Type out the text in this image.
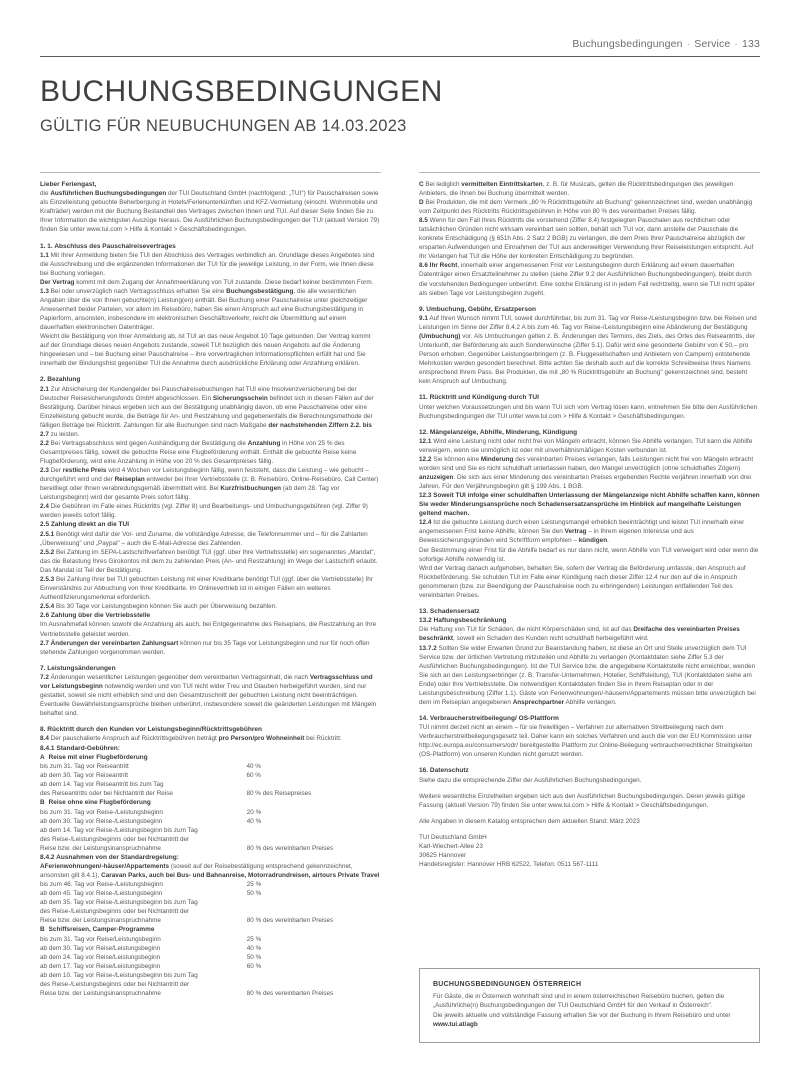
Buchungsbedingungen · Service · 133
BUCHUNGSBEDINGUNGEN
GÜLTIG FÜR NEUBUCHUNGEN AB 14.03.2023

Lieber Feriengast,

die Ausführlichen Buchungsbedingungen der TUI Deutschland GmbH (nachfolgend: „TUI") für Pauschalreisen sowie als Einzelleistung gebuchte Beherbergung in Hotels/Ferienunterkünften und KFZ-Vermietung (einschl. Wohnmobile und Krafträder) werden mit der Buchung Bestandteil des Vertrages zwischen Ihnen und TUI. Auf dieser Seite finden Sie zu Ihrer Information die wichtigsten Auszüge hieraus. Die Ausführlichen Buchungsbedingungen der TUI (aktuell Version 79) finden Sie unter www.tui.com > Hilfe & Kontakt > Geschäftsbedingungen.

1. 1. Abschluss des Pauschalreisevertrages

1.1 Mit Ihrer Anmeldung bieten Sie TUI den Abschluss des Vertrages verbindlich an. Grundlage dieses Angebotes sind die Ausschreibung und die ergänzenden Informationen der TUI für die jeweilige Leistung, in der Form, wie Ihnen diese bei Buchung vorliegen.

Der Vertrag kommt mit dem Zugang der Annahmeerklärung von TUI zustande. Diese bedarf keiner bestimmten Form.

1.3 Bei oder unverzüglich nach Vertragsschluss erhalten Sie eine Buchungsbestätigung, die alle wesentlichen Angaben über die von Ihnen gebuchte(n) Leistung(en) enthält. Bei Buchung einer Pauschalreise unter gleichzeitiger Anwesenheit beider Parteien, vor allem im Reisebüro, haben Sie einen Anspruch auf eine Buchungsbestätigung in Papierform, ansonsten, insbesondere im elektronischen Geschäftsverkehr, reicht die Übermittlung auf einem dauerhaften elektronischen Datenträger.

Weicht die Bestätigung von Ihrer Anmeldung ab, ist TUI an das neue Angebot 10 Tage gebunden. Der Vertrag kommt auf der Grundlage dieses neuen Angebots zustande, soweit TUI bezüglich des neuen Angebots auf die Änderung hingewiesen und – bei Buchung einer Pauschalreise – ihre vorvertraglichen Informationspflichten erfüllt hat und Sie innerhalb der Bindungsfrist gegenüber TUI die Annahme durch ausdrückliche Erklärung oder Anzahlung erklären.

2. Bezahlung

2.1 Zur Absicherung der Kundengelder bei Pauschalreisebuchungen hat TUI eine Insolvenzversicherung bei der Deutscher Reisesicherungsfonds GmbH abgeschlossen. Ein Sicherungsschein befindet sich in diesen Fällen auf der Bestätigung. Darüber hinaus ergeben sich aus der Bestätigung unabhängig davon, ob eine Pauschalreise oder eine Einzelleistung gebucht wurde, die Beträge für An- und Restzahlung und gegebenenfalls die Berechnungsmethode der fälligen Beträge bei Rücktritt. Zahlungen für alle Buchungen sind nach Maßgabe der nachstehenden Ziffern 2.2. bis 2.7 zu leisten.

2.2 Bei Vertragsabschluss wird gegen Aushändigung der Bestätigung die Anzahlung in Höhe von 25 % des Gesamtpreises fällig, soweit die gebuchte Reise eine Flugbeförderung enthält. Enthält die gebuchte Reise keine Flugbeförderung, wird eine Anzahlung in Höhe von 20 % des Gesamtpreises fällig.

2.3 Der restliche Preis wird 4 Wochen vor Leistungsbeginn fällig, wenn feststeht, dass die Leistung – wie gebucht – durchgeführt wird und der Reiseplan entweder bei Ihrer Vertriebsstelle (z. B. Reisebüro, Online-Reisebüro, Call Center) bereitliegt oder Ihnen verabredungsgemäß übermittelt wird. Bei Kurzfristbuchungen (ab dem 28. Tag vor Leistungsbeginn) wird der gesamte Preis sofort fällig.

2.4 Die Gebühren im Falle eines Rücktritts (vgl. Ziffer 8) und Bearbeitungs- und Umbuchungsgebühren (vgl. Ziffer 9) werden jeweils sofort fällig.

2.5 Zahlung direkt an die TUI

2.5.1 Benötigt wird dafür der Vor- und Zuname, die vollständige Adresse, die Telefonnummer und – für die Zahlarten „Überweisung" und „Paypal" – auch die E-Mail-Adresse des Zahlenden.

2.5.2 Bei Zahlung im SEPA-Lastschriftverfahren benötigt TUI (ggf. über Ihre Vertriebsstelle) ein sogenanntes „Mandat", das die Belastung Ihres Girokontos mit dem zu zahlenden Preis (An- und Restzahlung) im Wege der Lastschrift erlaubt. Das Mandat ist Teil der Bestätigung.

2.5.3 Bei Zahlung Ihrer bei TUI gebuchten Leistung mit einer Kreditkarte benötigt TUI (ggf. über die Vertriebsstelle) Ihr Einverständnis zur Abbuchung von Ihrer Kreditkarte. Im Onlinevertrieb ist in einigen Fällen ein weiteres Authentifizierungsmerkmal erforderlich.

2.5.4 Bis 30 Tage vor Leistungsbeginn können Sie auch per Überweisung bezahlen.

2.6 Zahlung über die Vertriebsstelle

Im Ausnahmefall können sowohl die Anzahlung als auch, bei Entgegennahme des Reiseplans, die Restzahlung an Ihre Vertriebsstelle geleistet werden.

2.7 Änderungen der vereinbarten Zahlungsart können nur bis 35 Tage vor Leistungsbeginn und nur für noch offen stehende Zahlungen vorgenommen werden.

7. Leistungsänderungen

7.2 Änderungen wesentlicher Leistungen gegenüber dem vereinbarten Vertragsinhalt, die nach Vertragsschluss und vor Leistungsbeginn notwendig werden und von TUI nicht wider Treu und Glauben herbeigeführt wurden, sind nur gestattet, soweit sie nicht erheblich sind und den Gesamtzuschnitt der gebuchten Leistung nicht beeinträchtigen. Eventuelle Gewährleistungsansprüche bleiben unberührt, insbesondere soweit die geänderten Leistungen mit Mängeln behaftet sind.

8. Rücktritt durch den Kunden vor Leistungsbeginn/Rücktrittsgebühren

8.4 Der pauschalierte Anspruch auf Rücktrittsgebühren beträgt pro Person/pro Wohneinheit bei Rücktritt:

8.4.1 Standard-Gebühren:

A Reise mit einer Flugbeförderung

bis zum 31. Tag vor Reiseantritt	40 %
ab dem 30. Tag vor Reiseantritt	60 %
ab dem 14. Tag vor Reiseantritt bis zum Tag	
des Reiseantritts oder bei Nichtantritt der Reise	80 % des Reisepreises

B Reise ohne eine Flugbeförderung

bis zum 31. Tag vor Reise-/Leistungsbeginn	20 %
ab dem 30. Tag vor Reise-/Leistungsbeginn	40 %
ab dem 14. Tag vor Reise-/Leistungsbeginn bis zum Tag	
des Reise-/Leistungsbeginns oder bei Nichtantritt der	
Reise bzw. der Leistungsinanspruchnahme	80 % des vereinbarten Preises

8.4.2 Ausnahmen von der Standardregelung:

AFerienwohnungen/-häuser/Appartements (soweit auf der Reisebestätigung entsprechend gekennzeichnet, ansonsten gilt 8.4.1), Caravan Parks, auch bei Bus- und Bahnanreise, Motorradrundreisen, airtours Private Travel

bis zum 46. Tag vor Reise-/Leistungsbeginn	25 %
ab dem 45. Tag vor Reise-/Leistungsbeginn	50 %
ab dem 35. Tag vor Reise-/Leistungsbeginn bis zum Tag	
des Reise-/Leistungsbeginns oder bei Nichtantritt der	
Reise bzw. der Leistungsinanspruchnahme	80 % des vereinbarten Preises

B Schiffsreisen, Camper-Programme

bis zum 31. Tag vor Reise/Leistungsbeginn	25 %
ab dem 30. Tag vor Reise/Leistungsbeginn	40 %
ab dem 24. Tag vor Reise/Leistungsbeginn	50 %
ab dem 17. Tag vor Reise/Leistungsbeginn	60 %
ab dem 10. Tag vor Reise-/Leistungsbeginn bis zum Tag	
des Reise-/Leistungsbeginns oder bei Nichtantritt der	
Reise bzw. der Leistungsinanspruchnahme	80 % des vereinbarten Preises

C Bei lediglich vermittelten Eintrittskarten, z. B. für Musicals, gelten die Rücktrittsbedingungen des jeweiligen Anbieters, die Ihnen bei Buchung übermittelt werden.

D Bei Produkten, die mit dem Vermerk „80 % Rücktrittsgebühr ab Buchung" gekennzeichnet sind, werden unabhängig vom Zeitpunkt des Rücktritts Rücktrittsgebühren in Höhe von 80 % des vereinbarten Preises fällig.

8.5 Wenn für den Fall Ihres Rücktritts die vorstehend (Ziffer 8.4) festgelegten Pauschalen aus rechtlichen oder tatsächlichen Gründen nicht wirksam vereinbart sein sollten, behält sich TUI vor, dann anstelle der Pauschale die konkrete Entschädigung (§ 651h Abs. 2 Satz 2 BGB) zu verlangen, die dem Preis Ihrer Pauschalreise abzüglich der ersparten Aufwendungen und Einnahmen der TUI aus anderweitiger Verwendung Ihrer Reiseleistungen entspricht. Auf Ihr Verlangen hat TUI die Höhe der konkreten Entschädigung zu begründen.

8.6 Ihr Recht, innerhalb einer angemessenen Frist vor Leistungsbeginn durch Erklärung auf einem dauerhaften Datenträger einen Ersatzteilnehmer zu stellen (siehe Ziffer 9.2 der Ausführlichen Buchungsbedingungen), bleibt durch die vorstehenden Bedingungen unberührt. Eine solche Erklärung ist in jedem Fall rechtzeitig, wenn sie TUI nicht später als sieben Tage vor Leistungsbeginn zugeht.

9. Umbuchung, Gebühr, Ersatzperson

9.1 Auf Ihren Wunsch nimmt TUI, soweit durchführbar, bis zum 31. Tag vor Reise-/Leistungsbeginn bzw. bei Reisen und Leistungen im Sinne der Ziffer 8.4.2 A bis zum 46. Tag vor Reise-/Leistungsbeginn eine Abänderung der Bestätigung (Umbuchung) vor. Als Umbuchungen gelten z. B. Änderungen des Termins, des Ziels, des Ortes des Reiseantritts, der Unterkunft, der Beförderung als auch Sonderwünsche (Ziffer 5.1). Dafür wird eine gesonderte Gebühr von € 50,– pro Person erhoben. Gegenüber Leistungserbringern (z. B. Fluggesellschaften und Anbietern von Campern) entstehende Mehrkosten werden gesondert berechnet. Bitte achten Sie deshalb auch auf die korrekte Schreibweise Ihres Namens entsprechend Ihrem Pass. Bei Produkten, die mit „80 % Rücktrittsgebühr ab Buchung" gekennzeichnet sind, besteht kein Anspruch auf Umbuchung.

11. Rücktritt und Kündigung durch TUI

Unter welchen Voraussetzungen und bis wann TUI sich vom Vertrag lösen kann, entnehmen Sie bitte den Ausführlichen Buchungsbedingungen der TUI unter www.tui.com > Hilfe & Kontakt > Geschäftsbedingungen.

12. Mängelanzeige, Abhilfe, Minderung, Kündigung

12.1 Wird eine Leistung nicht oder nicht frei von Mängeln erbracht, können Sie Abhilfe verlangen. TUI kann die Abhilfe verweigern, wenn sie unmöglich ist oder mit unverhältnismäßigen Kosten verbunden ist.

12.2 Sie können eine Minderung des vereinbarten Preises verlangen, falls Leistungen nicht frei von Mängeln erbracht worden sind und Sie es nicht schuldhaft unterlassen haben, den Mangel unverzüglich (ohne schuldhaftes Zögern) anzuzeigen. Die sich aus einer Minderung des vereinbarten Preises ergebenden Rechte verjähren innerhalb von drei Jahren. Für den Verjährungsbeginn gilt § 199 Abs. 1 BGB.

12.3 Soweit TUI infolge einer schuldhaften Unterlassung der Mängelanzeige nicht Abhilfe schaffen kann, können Sie weder Minderungsansprüche noch Schadensersatzansprüche im Hinblick auf mangelhafte Leistungen geltend machen.

12.4 Ist die gebuchte Leistung durch einen Leistungsmangel erheblich beeinträchtigt und leistet TUI innerhalb einer angemessenen Frist keine Abhilfe, können Sie den Vertrag – in Ihrem eigenen Interesse und aus Beweissicherungsgründen wird Schriftform empfohlen – kündigen.

Der Bestimmung einer Frist für die Abhilfe bedarf es nur dann nicht, wenn Abhilfe von TUI verweigert wird oder wenn die sofortige Abhilfe notwendig ist.

Wird der Vertrag danach aufgehoben, behalten Sie, sofern der Vertrag die Beförderung umfasste, den Anspruch auf Rückbeförderung. Sie schulden TUI im Falle einer Kündigung nach dieser Ziffer 12.4 nur den auf die in Anspruch genommenen (bzw. zur Beendigung der Pauschalreise noch zu erbringenden) Leistungen entfallenden Teil des vereinbarten Preises.

13. Schadensersatz

13.2 Haftungsbeschränkung

Die Haftung von TUI für Schäden, die nicht Körperschäden sind, ist auf das Dreifache des vereinbarten Preises beschränkt, soweit ein Schaden des Kunden nicht schuldhaft herbeigeführt wird.

13.7.2 Sollten Sie wider Erwarten Grund zur Beanstandung haben, ist diese an Ort und Stelle unverzüglich dem TUI Service bzw. der örtlichen Vertretung mitzuteilen und Abhilfe zu verlangen (Kontaktdaten siehe Ziffer 5.3 der Ausführlichen Buchungsbedingungen). Ist der TUI Service bzw. die angegebene Kontaktstelle nicht erreichbar, wenden Sie sich an den Leistungserbringer (z. B. Transfer-Unternehmen, Hotelier, Schiffsleitung), TUI (Kontaktdaten siehe am Ende) oder Ihre Vertriebsstelle. Die notwendigen Kontaktdaten finden Sie in Ihrem Reiseplan oder in der Leistungsbeschreibung (Ziffer 1.1). Gäste von Ferienwohnungen/-häusern/Appartements müssen bitte unverzüglich bei dem im Reiseplan angegebenen Ansprechpartner Abhilfe verlangen.

14. Verbraucherstreitbeilegung/ OS-Plattform

TUI nimmt derzeit nicht an einem – für sie freiwilligen – Verfahren zur alternativen Streitbeilegung nach dem Verbraucherstreitbeilegungsgesetz teil. Daher kann ein solches Verfahren und auch die von der EU Kommission unter http://ec.europa.eu/consumers/odr/ bereitgestellte Plattform zur Online-Beilegung verbraucherrechtlicher Streitigkeiten (OS-Plattform) von unseren Kunden nicht genutzt werden.

16. Datenschutz

Siehe dazu die entsprechende Ziffer der Ausführlichen Buchungsbedingungen.

Weitere wesentliche Einzelheiten ergeben sich aus den Ausführlichen Buchungsbedingungen. Deren jeweils gültige Fassung (aktuell Version 79) finden Sie unter www.tui.com > Hilfe & Kontakt > Geschäftsbedingungen.

Alle Angaben in diesem Katalog entsprechen dem aktuellen Stand: März 2023

TUI Deutschland GmbH

Karl-Wiechert-Allee 23

30625 Hannover

Handelsregister: Hannover HRB 62522, Telefon: 0511 567-1111

BUCHUNGSBEDINGUNGEN ÖSTERREICH

Für Gäste, die in Österreich wohnhaft sind und in einem österreichischen Reisebüro buchen, gelten die „Ausführliche(n) Buchungsbedingungen der TUI Deutschland GmbH für den Verkauf in Österreich".

Die jeweils aktuelle und vollständige Fassung erhalten Sie vor der Buchung in Ihrem Reisebüro und unter www.tui.at/agb
